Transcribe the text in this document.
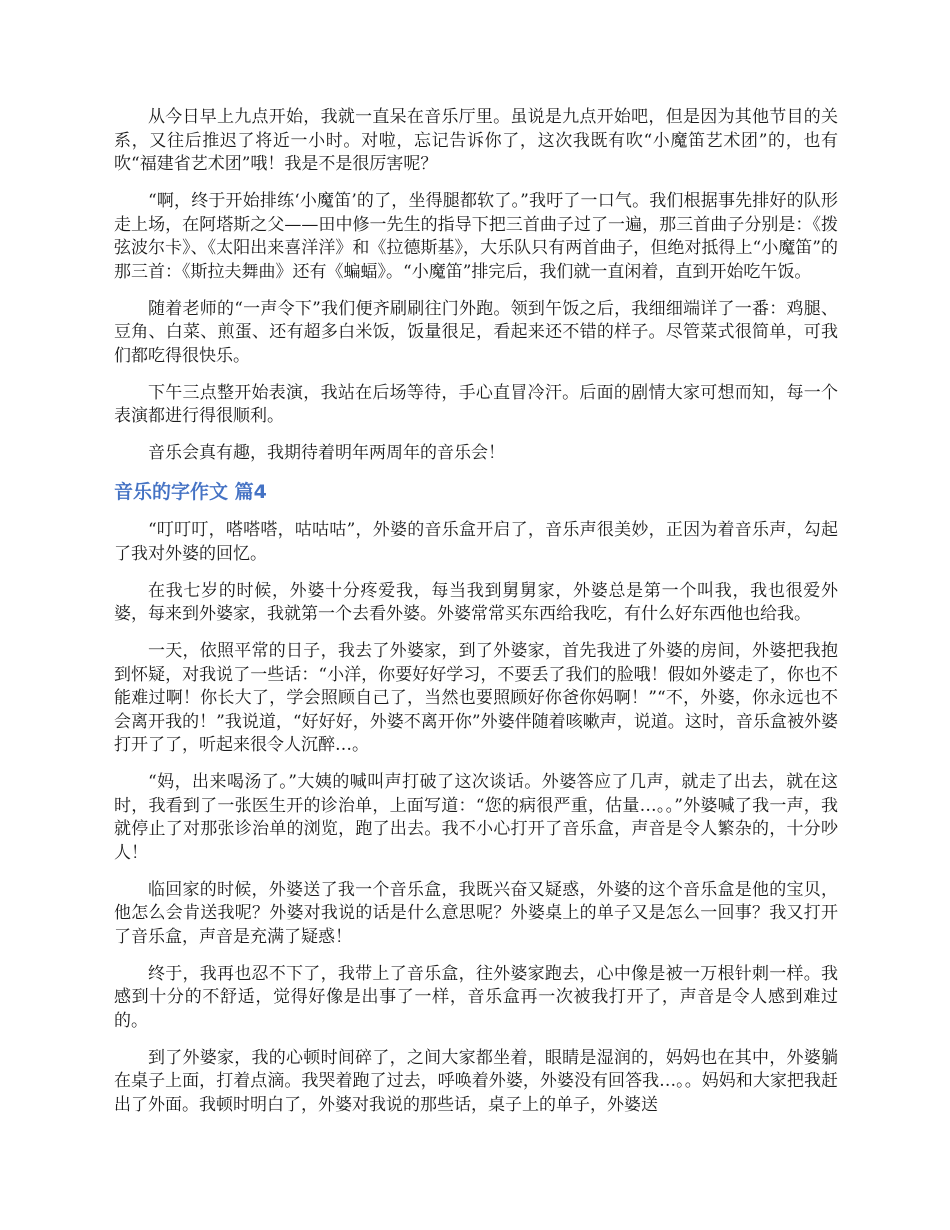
从今日早上九点开始，我就一直呆在音乐厅里。虽说是九点开始吧，但是因为其他节目的关系，又往后推迟了将近一小时。对啦，忘记告诉你了，这次我既有吹“小魔笛艺术团”的，也有吹“福建省艺术团”哦！我是不是很厉害呢？

“啊，终于开始排练‘小魔笛’的了，坐得腿都软了。”我吁了一口气。我们根据事先排好的队形走上场，在阿塔斯之父——田中修一先生的指导下把三首曲子过了一遍，那三首曲子分别是：《拨弦波尔卡》、《太阳出来喜洋洋》和《拉德斯基》，大乐队只有两首曲子，但绝对抵得上“小魔笛”的那三首：《斯拉夫舞曲》还有《蝙蝠》。“小魔笛”排完后，我们就一直闲着，直到开始吃午饭。

随着老师的“一声令下”我们便齐刷刷往门外跑。领到午饭之后，我细细端详了一番：鸡腿、豆角、白菜、煎蛋、还有超多白米饭，饭量很足，看起来还不错的样子。尽管菜式很简单，可我们都吃得很快乐。

下午三点整开始表演，我站在后场等待，手心直冒冷汗。后面的剧情大家可想而知，每一个表演都进行得很顺利。

音乐会真有趣，我期待着明年两周年的音乐会！

音乐的字作文 篇4

“叮叮叮，嗒嗒嗒，咕咕咕”，外婆的音乐盒开启了，音乐声很美妙，正因为着音乐声，勾起了我对外婆的回忆。

在我七岁的时候，外婆十分疼爱我，每当我到舅舅家，外婆总是第一个叫我，我也很爱外婆，每来到外婆家，我就第一个去看外婆。外婆常常买东西给我吃，有什么好东西他也给我。

一天，依照平常的日子，我去了外婆家，到了外婆家，首先我进了外婆的房间，外婆把我抱到怀疑，对我说了一些话：“小洋，你要好好学习，不要丢了我们的脸哦！假如外婆走了，你也不能难过啊！你长大了，学会照顾自己了，当然也要照顾好你爸你妈啊！”“不，外婆，你永远也不会离开我的！”我说道，“好好好，外婆不离开你”外婆伴随着咳嗽声，说道。这时，音乐盒被外婆打开了了，听起来很令人沉醉…。

“妈，出来喝汤了。”大姨的喊叫声打破了这次谈话。外婆答应了几声，就走了出去，就在这时，我看到了一张医生开的诊治单，上面写道：“您的病很严重，估量…。。”外婆喊了我一声，我就停止了对那张诊治单的浏览，跑了出去。我不小心打开了音乐盒，声音是令人繁杂的，十分吵人！

临回家的时候，外婆送了我一个音乐盒，我既兴奋又疑惑，外婆的这个音乐盒是他的宝贝，他怎么会肯送我呢？外婆对我说的话是什么意思呢？外婆桌上的单子又是怎么一回事？我又打开了音乐盒，声音是充满了疑惑！

终于，我再也忍不下了，我带上了音乐盒，往外婆家跑去，心中像是被一万根针刺一样。我感到十分的不舒适，觉得好像是出事了一样，音乐盒再一次被我打开了，声音是令人感到难过的。

到了外婆家，我的心顿时间碎了，之间大家都坐着，眼睛是湿润的，妈妈也在其中，外婆躺在桌子上面，打着点滴。我哭着跑了过去，呼唤着外婆，外婆没有回答我…。。妈妈和大家把我赶出了外面。我顿时明白了，外婆对我说的那些话，桌子上的单子，外婆送
